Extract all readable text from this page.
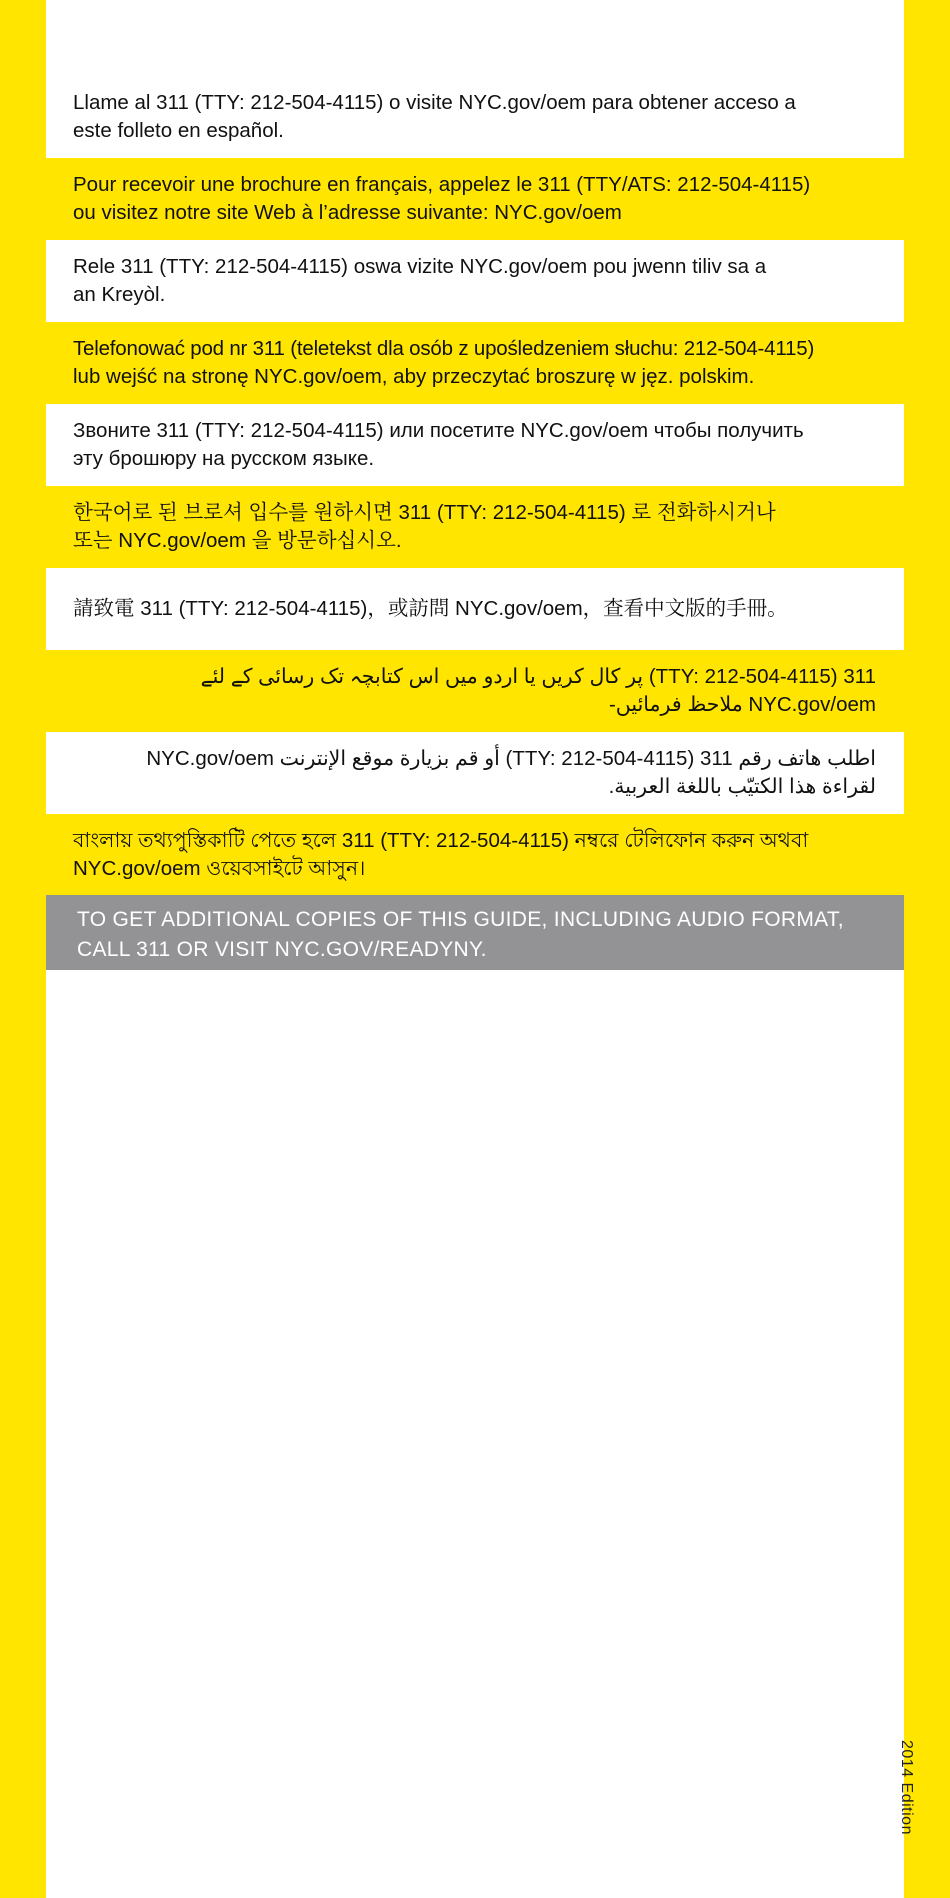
Llame al 311 (TTY: 212-504-4115) o visite NYC.gov/oem para obtener acceso a

este folleto en español.

Pour recevoir une brochure en français, appelez le 311 (TTY/ATS: 212-504-4115)

ou visitez notre site Web à l’adresse suivante: NYC.gov/oem

Rele 311 (TTY: 212-504-4115) oswa vizite NYC.gov/oem pou jwenn tiliv sa a

an Kreyòl.

Telefonować pod nr 311 (teletekst dla osób z upośledzeniem słuchu: 212-504-4115)

lub wejść na stronę NYC.gov/oem, aby przeczytać broszurę w jęz. polskim.

Звоните 311 (TTY: 212-504-4115) или посетите NYC.gov/oem чтобы получить

эту брошюру на русском языке.

한국어로 된 브로셔 입수를 원하시면 311 (TTY: 212-504-4115) 로 전화하시거나

또는 NYC.gov/oem 을 방문하십시오.

請致電 311 (TTY: 212-504-4115)，或訪問 NYC.gov/oem，查看中文版的手冊。

311 (TTY: 212-504-4115) پر کال کریں یا اردو میں اس کتابچہ تک رسائی کے لئے

NYC.gov/oem ملاحظ فرمائیں-

اطلب هاتف رقم 311 (TTY: 212-504-4115) أو قم بزيارة موقع الإنترنت NYC.gov/oem

لقراءة هذا الكتيّب باللغة العربية.

বাংলায় তথ্যপুস্তিকাটি পেতে হলে 311 (TTY: 212-504-4115) নম্বরে টেলিফোন করুন অথবা

NYC.gov/oem ওয়েবসাইটে আসুন।

TO GET ADDITIONAL COPIES OF THIS GUIDE, INCLUDING AUDIO FORMAT,

CALL 311 OR VISIT NYC.GOV/READYNY.

2014 Edition
